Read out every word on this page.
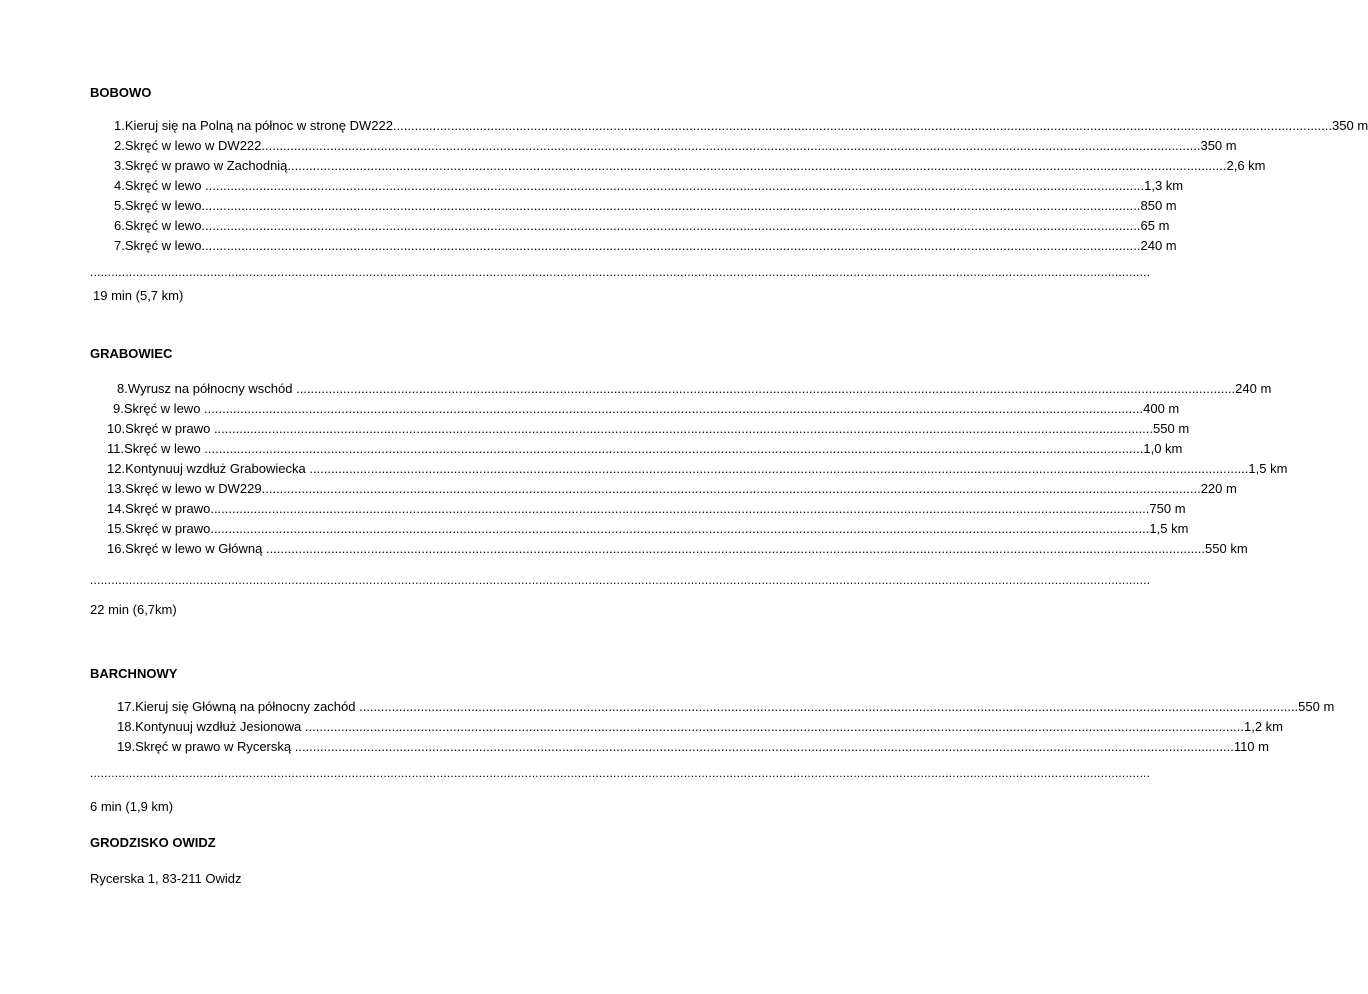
BOBOWO
1. Kieruj się na Polną na północ w stronę DW222.................................................................................................................................................................................................................................................................... 350 m
2. Skręć w lewo w DW222.................................................................................................................................................................................................................................................................... 350 m
3. Skręć w prawo w Zachodnią.................................................................................................................................................................................................................................................................... 2,6 km
4. Skręć w lewo .................................................................................................................................................................................................................................................................... 1,3 km
5. Skręć w lewo.................................................................................................................................................................................................................................................................... 850 m
6. Skręć w lewo.................................................................................................................................................................................................................................................................... 65 m
7. Skręć w lewo.................................................................................................................................................................................................................................................................... 240 m
............................................................................................................................................................................................................................................................................................................
19 min (5,7 km)
GRABOWIEC
8. Wyrusz na północny wschód .................................................................................................................................................................................................................................................................... 240 m
9. Skręć w lewo .................................................................................................................................................................................................................................................................... 400 m
10. Skręć w prawo .................................................................................................................................................................................................................................................................... 550 m
11. Skręć w lewo .................................................................................................................................................................................................................................................................... 1,0 km
12. Kontynuuj wzdłuż Grabowiecka .................................................................................................................................................................................................................................................................... 1,5 km
13. Skręć w lewo w DW229.................................................................................................................................................................................................................................................................... 220 m
14. Skręć w prawo.................................................................................................................................................................................................................................................................... 750 m
15. Skręć w prawo.................................................................................................................................................................................................................................................................... 1,5 km
16. Skręć w lewo w Główną .................................................................................................................................................................................................................................................................... 550 km
............................................................................................................................................................................................................................................................................................................
22 min (6,7km)
BARCHNOWY
17. Kieruj się Główną na północny zachód .................................................................................................................................................................................................................................................................... 550 m
18. Kontynuuj wzdłuż Jesionowa .................................................................................................................................................................................................................................................................... 1,2 km
19. Skręć w prawo w Rycerską .................................................................................................................................................................................................................................................................... 110 m
............................................................................................................................................................................................................................................................................................................
6 min (1,9 km)
GRODZISKO OWIDZ
Rycerska 1, 83-211 Owidz
